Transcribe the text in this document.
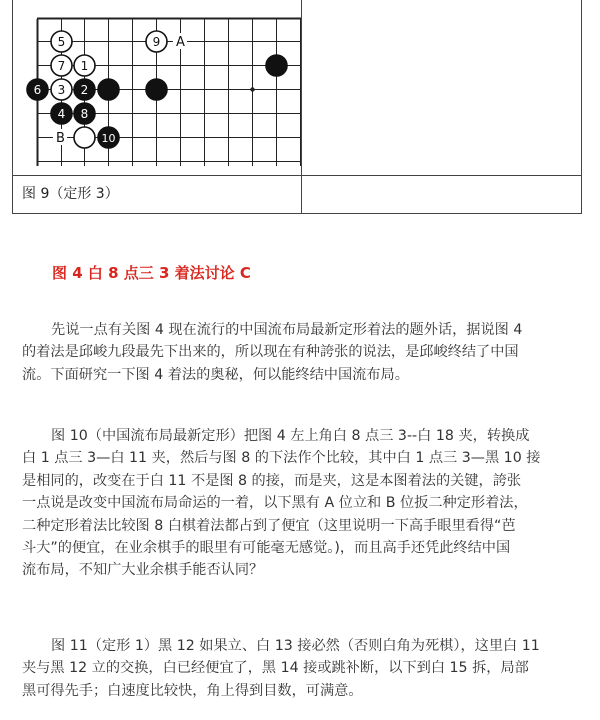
图 9（定形 3）
A
B
5	9
7 1
6 3 2
4 8
10
图 4 白 8 点三 3 着法讨论 C
先说一点有关图 4 现在流行的中国流布局最新定形着法的题外话，据说图 4
的着法是邱峻九段最先下出来的，所以现在有种誇张的说法，是邱峻终结了中国
流。下面研究一下图 4 着法的奥秘，何以能终结中国流布局。
图 10（中国流布局最新定形）把图 4 左上角白 8 点三 3--白 18 夹，转换成
白 1 点三 3—白 11 夹，然后与图 8 的下法作个比较，其中白 1 点三 3—黑 10 接
是相同的，改变在于白 11 不是图 8 的接，而是夹，这是本图着法的关键，誇张
一点说是改变中国流布局命运的一着，以下黑有 A 位立和 B 位扳二种定形着法，
二种定形着法比较图 8 白棋着法都占到了便宜（这里说明一下高手眼里看得“芭
斗大”的便宜，在业余棋手的眼里有可能毫无感觉。)，而且高手还凭此终结中国
流布局，不知广大业余棋手能否认同？
图 11（定形 1）黑 12 如果立、白 13 接必然（否则白角为死棋），这里白 11
夹与黑 12 立的交换，白已经便宜了，黑 14 接或跳补断，以下到白 15 拆，局部
黑可得先手；白速度比较快，角上得到目数，可满意。
